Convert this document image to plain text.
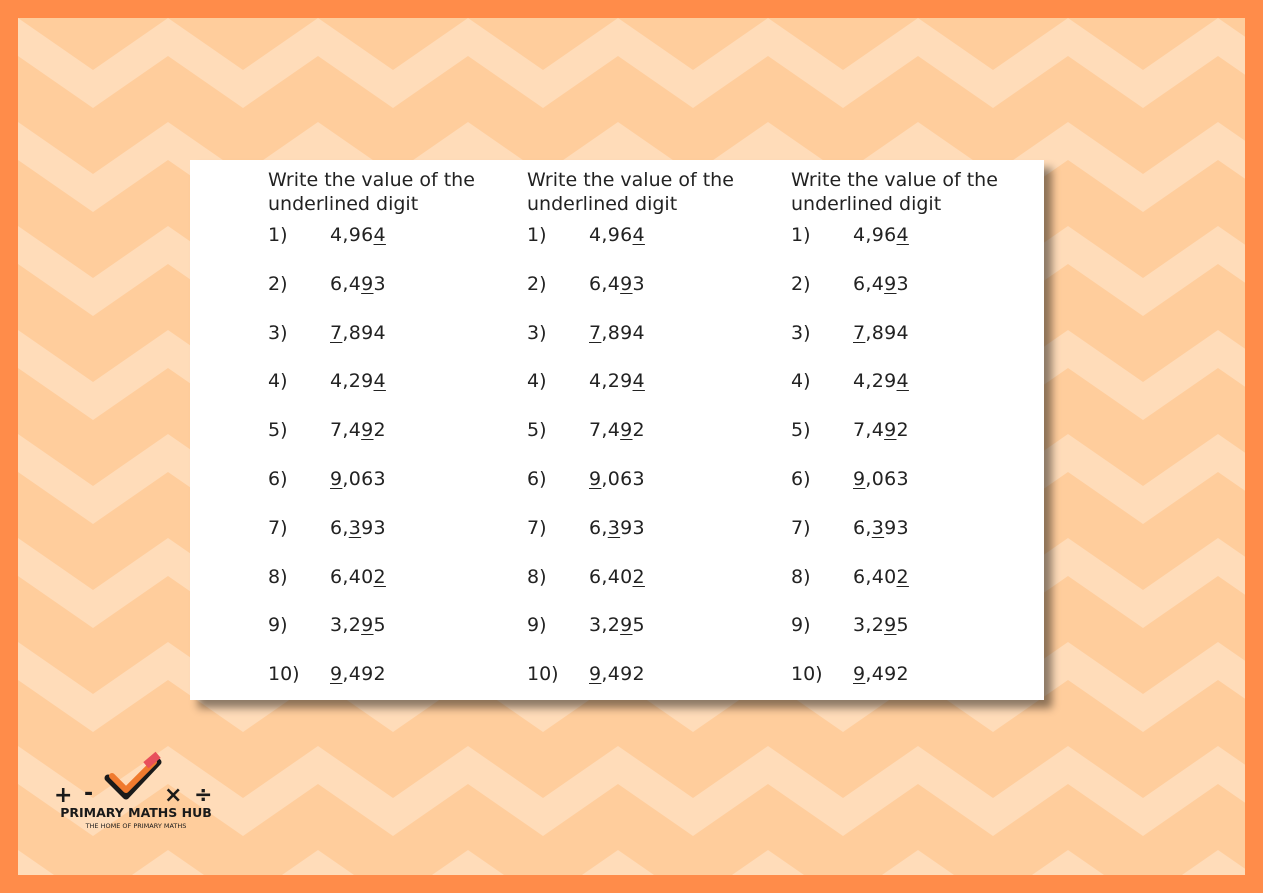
Write the value of the
underlined digit
1)	4,964
2)	6,493
3)	7,894
4)	4,294
5)	7,492
6)	9,063
7)	6,393
8)	6,402
9)	3,295
10)	9,492
Write the value of the
underlined digit
1)	4,964
2)	6,493
3)	7,894
4)	4,294
5)	7,492
6)	9,063
7)	6,393
8)	6,402
9)	3,295
10)	9,492
Write the value of the
underlined digit
1)	4,964
2)	6,493
3)	7,894
4)	4,294
5)	7,492
6)	9,063
7)	6,393
8)	6,402
9)	3,295
10)	9,492
+ -	× ÷
PRIMARY MATHS HUB
THE HOME OF PRIMARY MATHS
